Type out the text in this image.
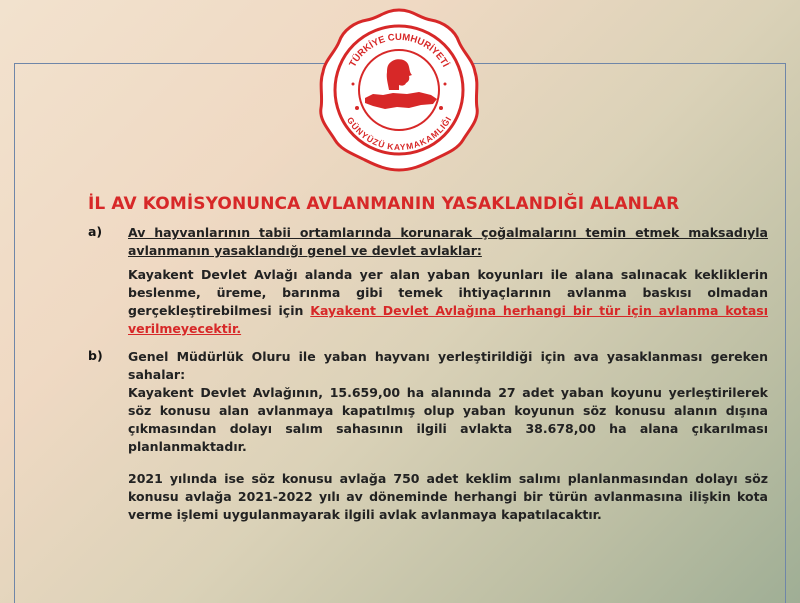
TÜRKİYE CUMHURİYETİ
GÜNYÜZÜ KAYMAKAMLIĞI
İL AV KOMİSYONUNCA AVLANMANIN YASAKLANDIĞI ALANLAR
a) Av hayvanlarının tabii ortamlarında korunarak çoğalmalarını temin etmek maksadıyla avlanmanın yasaklandığı genel ve devlet avlaklar:
Kayakent Devlet Avlağı alanda yer alan yaban koyunları ile alana salınacak kekliklerin beslenme, üreme, barınma gibi temek ihtiyaçlarının avlanma baskısı olmadan gerçekleştirebilmesi için Kayakent Devlet Avlağına herhangi bir tür için avlanma kotası verilmeyecektir.
b) Genel Müdürlük Oluru ile yaban hayvanı yerleştirildiği için ava yasaklanması gereken sahalar:
Kayakent Devlet Avlağının, 15.659,00 ha alanında 27 adet yaban koyunu yerleştirilerek söz konusu alan avlanmaya kapatılmış olup yaban koyunun söz konusu alanın dışına çıkmasından dolayı salım sahasının ilgili avlakta 38.678,00 ha alana çıkarılması planlanmaktadır.
2021 yılında ise söz konusu avlağa 750 adet keklim salımı planlanmasından dolayı söz konusu avlağa 2021-2022 yılı av döneminde herhangi bir türün avlanmasına ilişkin kota verme işlemi uygulanmayarak ilgili avlak avlanmaya kapatılacaktır.
